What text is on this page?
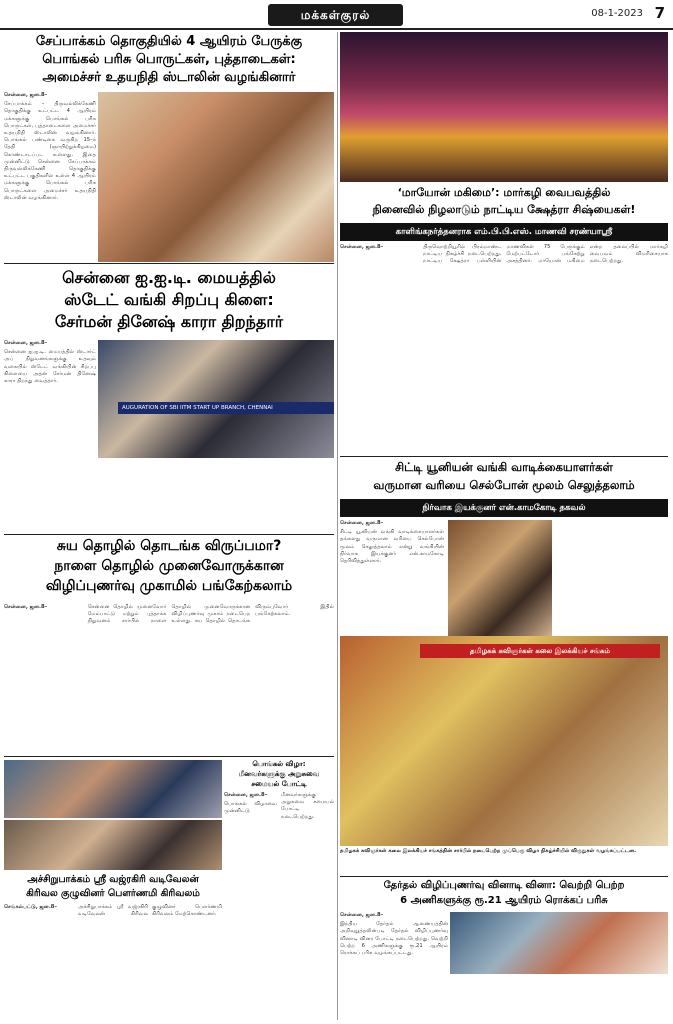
மக்கள்குரல்	08-1-2023 7
சேப்பாக்கம் தொகுதியில் 4 ஆயிரம் பேருக்கு
பொங்கல் பரிசு பொருட்கள், புத்தாடைகள்:
அமைச்சர் உதயநிதி ஸ்டாலின் வழங்கினார்

சென்னை, ஜன.8–

சேப்பாக்கம் – திருவல்லிக்கேணி தொகுதிக்கு உட்பட்ட 4 ஆயிரம் மக்களுக்கு பொங்கல் பரிசு பொருட்கள், புத்தாடைகளை அமைச்சர் உதயநிதி ஸ்டாலின் வழங்கினார். பொங்கல் பண்டிகை வருகிற 15–ந் தேதி (ஞாயிற்றுக்கிழமை) கொண்டாடப்பட உள்ளது. இதை முன்னிட்டு சென்னை சேப்பாக்கம் திருவல்லிக்கேணி தொகுதிக்கு உட்பட்ட பகுதிகளில் உள்ள 4 ஆயிரம் மக்களுக்கு பொங்கல் பரிசு பொருட்களை அமைச்சர் உதயநிதி ஸ்டாலின் வழங்கினார்.	‘மாயோன் மகிமை’: மார்கழி வைபவத்தில்
நினைவில் நிழலாடும் நாட்டிய க்ஷேத்ரா சிஷ்யைகள்!
காளிங்கநர்த்தனராக எம்.பி.பி.எஸ். மாணவி சரண்யாஸ்ரீ

சென்னை, ஜன.8–	திருவொற்றியூரில் பிரம்மாண்ட நாட்டிய நிகழ்ச்சி நடைபெற்றது. நாட்டிய க்ஷேத்ரா பள்ளியின் மாணவிகள் 75 பேருக்கும் மேற்பட்டோர் பங்கேற்று அசத்தினர். மாயோன் மகிமை என்ற தலைப்பில் மார்கழி வைபவம் விமரிசையாக நடைபெற்றது.

சென்னை ஐ.ஐ.டி. மையத்தில்
ஸ்டேட் வங்கி சிறப்பு கிளை:
சேர்மன் தினேஷ் காரா திறந்தார்

சென்னை, ஜன.8–

சென்னை ஐ.ஐ.டி. மையத்தில் ஸ்டார்ட் அப் நிறுவனங்களுக்கு உதவும் வகையில் ஸ்டேட் வங்கியின் சிறப்பு கிளையை அதன் சேர்மன் தினேஷ் காரா திறந்து வைத்தார்.

AUGURATION OF SBI IITM START UP BRANCH, CHENNAI
சிட்டி யூனியன் வங்கி வாடிக்கையாளர்கள்
வருமான வரியை செல்போன் மூலம் செலுத்தலாம்
நிர்வாக இயக்குனர் என்.காமகோடி தகவல்

சென்னை, ஜன.8–

சிட்டி யூனியன் வங்கி வாடிக்கையாளர்கள் தங்களது வருமான வரியை செல்போன் மூலம் செலுத்தலாம் என்று வங்கியின் நிர்வாக இயக்குனர் என்.காமகோடி தெரிவித்துள்ளார்.

சுய தொழில் தொடங்க விருப்பமா?
நாளை தொழில் முனைவோருக்கான
விழிப்புணர்வு முகாமில் பங்கேற்கலாம்

சென்னை, ஜன.8–	சென்னை தொழில் முனைவோர் மேம்பாட்டு மற்றும் புத்தாக்க நிறுவனம் சார்பில் நாளை தொழில் முனைவோருக்கான விழிப்புணர்வு முகாம் நடைபெற உள்ளது. சுய தொழில் தொடங்க விரும்புவோர் இதில் பங்கேற்கலாம்.

தமிழகக் கவிஞர்கள் கலை இலக்கியச் சங்கம்
தமிழகக் கவிஞர்கள் கலை இலக்கியச் சங்கத்தின் சார்பில் நடைபெற்ற முப்பெரு விழா நிகழ்ச்சியில் விருதுகள் வழங்கப்பட்டன.
பொங்கல் விழா:
மீனவர்களுக்கு அறுசுவை
சமையல் போட்டி

சென்னை, ஜன.8–

பொங்கல் விழாவை முன்னிட்டு மீனவர்களுக்கு அறுசுவை சமையல் போட்டி நடைபெற்றது.

அச்சிறுபாக்கம் ஸ்ரீ வஜ்ரகிரி வடிவேலன்
கிரிவல குழுவினர் பௌர்ணமி கிரிவலம்

செங்கல்பட்டு, ஜன.8–	அச்சிறுபாக்கம் ஸ்ரீ வஜ்ரகிரி வடிவேலன் கிரிவல குழுவினர் பௌர்ணமி கிரிவலம் மேற்கொண்டனர்.

தேர்தல் விழிப்புணர்வு வினாடி வினா: வெற்றி பெற்ற
6 அணிகளுக்கு ரூ.21 ஆயிரம் ரொக்கப் பரிசு

சென்னை, ஜன.8–

இந்திய தேர்தல் ஆணையத்தின் அறிவுறுத்தலின்படி தேர்தல் விழிப்புணர்வு வினாடி வினா போட்டி நடைபெற்றது. வெற்றி பெற்ற 6 அணிகளுக்கு ரூ.21 ஆயிரம் ரொக்கப் பரிசு வழங்கப்பட்டது.
